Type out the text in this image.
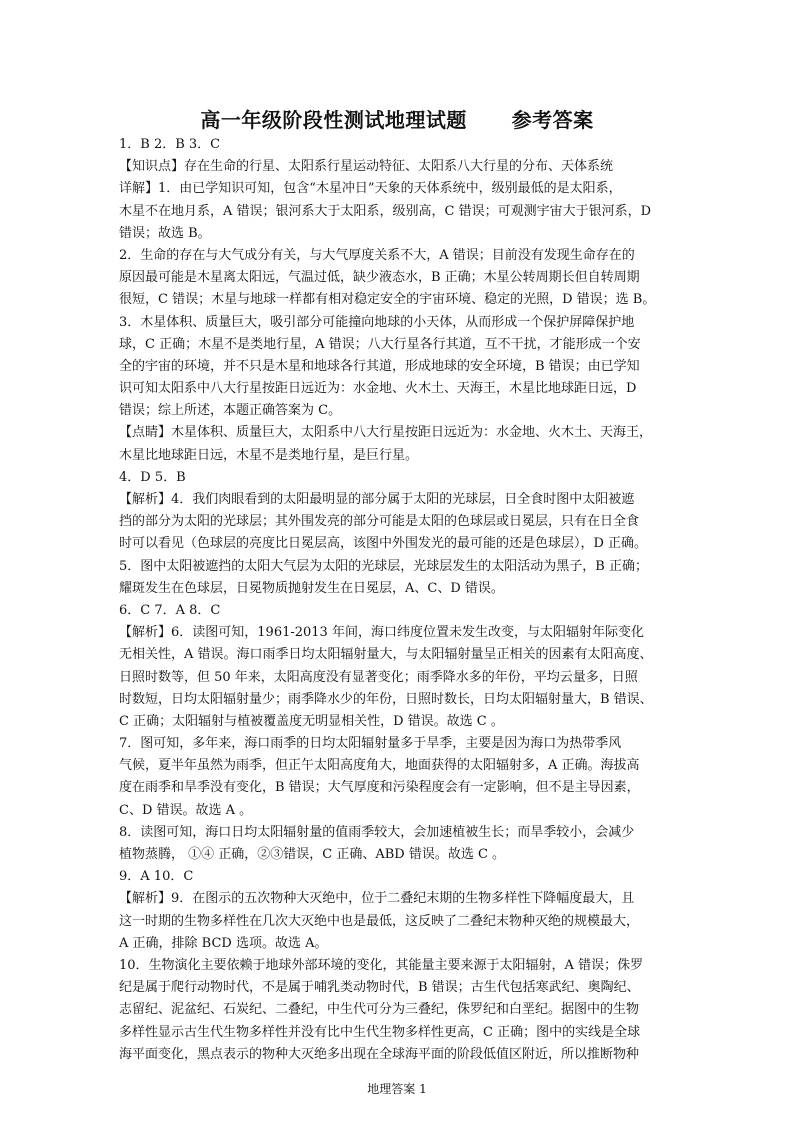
高一年级阶段性测试地理试题      参考答案
1．B 2．B 3．C
【知识点】存在生命的行星、太阳系行星运动特征、太阳系八大行星的分布、天体系统
详解】1．由已学知识可知，包含“木星冲日”天象的天体系统中，级别最低的是太阳系，
木星不在地月系，A 错误；银河系大于太阳系，级别高，C 错误；可观测宇宙大于银河系，D
错误；故选 B。
2．生命的存在与大气成分有关，与大气厚度关系不大，A 错误；目前没有发现生命存在的
原因最可能是木星离太阳远，气温过低，缺少液态水，B 正确；木星公转周期长但自转周期
很短，C 错误；木星与地球一样都有相对稳定安全的宇宙环境、稳定的光照，D 错误；选 B。
3．木星体积、质量巨大，吸引部分可能撞向地球的小天体，从而形成一个保护屏障保护地
球，C 正确；木星不是类地行星，A 错误；八大行星各行其道，互不干扰，才能形成一个安
全的宇宙的环境，并不只是木星和地球各行其道，形成地球的安全环境，B 错误；由已学知
识可知太阳系中八大行星按距日远近为：水金地、火木土、天海王，木星比地球距日远，D
错误；综上所述，本题正确答案为 C。
【点睛】木星体积、质量巨大，太阳系中八大行星按距日远近为：水金地、火木土、天海王，
木星比地球距日远，木星不是类地行星，是巨行星。
4．D 5．B
【解析】4．我们肉眼看到的太阳最明显的部分属于太阳的光球层，日全食时图中太阳被遮
挡的部分为太阳的光球层；其外围发亮的部分可能是太阳的色球层或日冕层，只有在日全食
时可以看见（色球层的亮度比日冕层高，该图中外围发光的最可能的还是色球层），D 正确。
5．图中太阳被遮挡的太阳大气层为太阳的光球层，光球层发生的太阳活动为黑子，B 正确；
耀斑发生在色球层，日冕物质抛射发生在日冕层，A、C、D 错误。
6．C 7．A 8．C
【解析】6．读图可知，1961-2013 年间，海口纬度位置未发生改变，与太阳辐射年际变化
无相关性，A 错误。海口雨季日均太阳辐射量大，与太阳辐射量呈正相关的因素有太阳高度、
日照时数等，但 50 年来，太阳高度没有显著变化；雨季降水多的年份，平均云量多，日照
时数短，日均太阳辐射量少；雨季降水少的年份，日照时数长，日均太阳辐射量大，B 错误、
C 正确；太阳辐射与植被覆盖度无明显相关性，D 错误。故选 C 。
7．图可知，多年来，海口雨季的日均太阳辐射量多于旱季，主要是因为海口为热带季风
气候，夏半年虽然为雨季，但正午太阳高度角大，地面获得的太阳辐射多，A 正确。海拔高
度在雨季和旱季没有变化，B 错误；大气厚度和污染程度会有一定影响，但不是主导因素，
C、D 错误。故选 A 。
8．读图可知，海口日均太阳辐射量的值雨季较大，会加速植被生长；而旱季较小，会减少
植物蒸腾， ①④ 正确，②③错误，C 正确、ABD 错误。故选 C 。
9．A 10．C
【解析】9．在图示的五次物种大灭绝中，位于二叠纪末期的生物多样性下降幅度最大，且
这一时期的生物多样性在几次大灭绝中也是最低，这反映了二叠纪末物种灭绝的规模最大，
A 正确，排除 BCD 选项。故选 A。
10．生物演化主要依赖于地球外部环境的变化，其能量主要来源于太阳辐射，A 错误；侏罗
纪是属于爬行动物时代，不是属于哺乳类动物时代，B 错误；古生代包括寒武纪、奥陶纪、
志留纪、泥盆纪、石炭纪、二叠纪，中生代可分为三叠纪，侏罗纪和白垩纪。据图中的生物
多样性显示古生代生物多样性并没有比中生代生物多样性更高，C 正确；图中的实线是全球
海平面变化，黑点表示的物种大灭绝多出现在全球海平面的阶段低值区附近，所以推断物种
地理答案 1
